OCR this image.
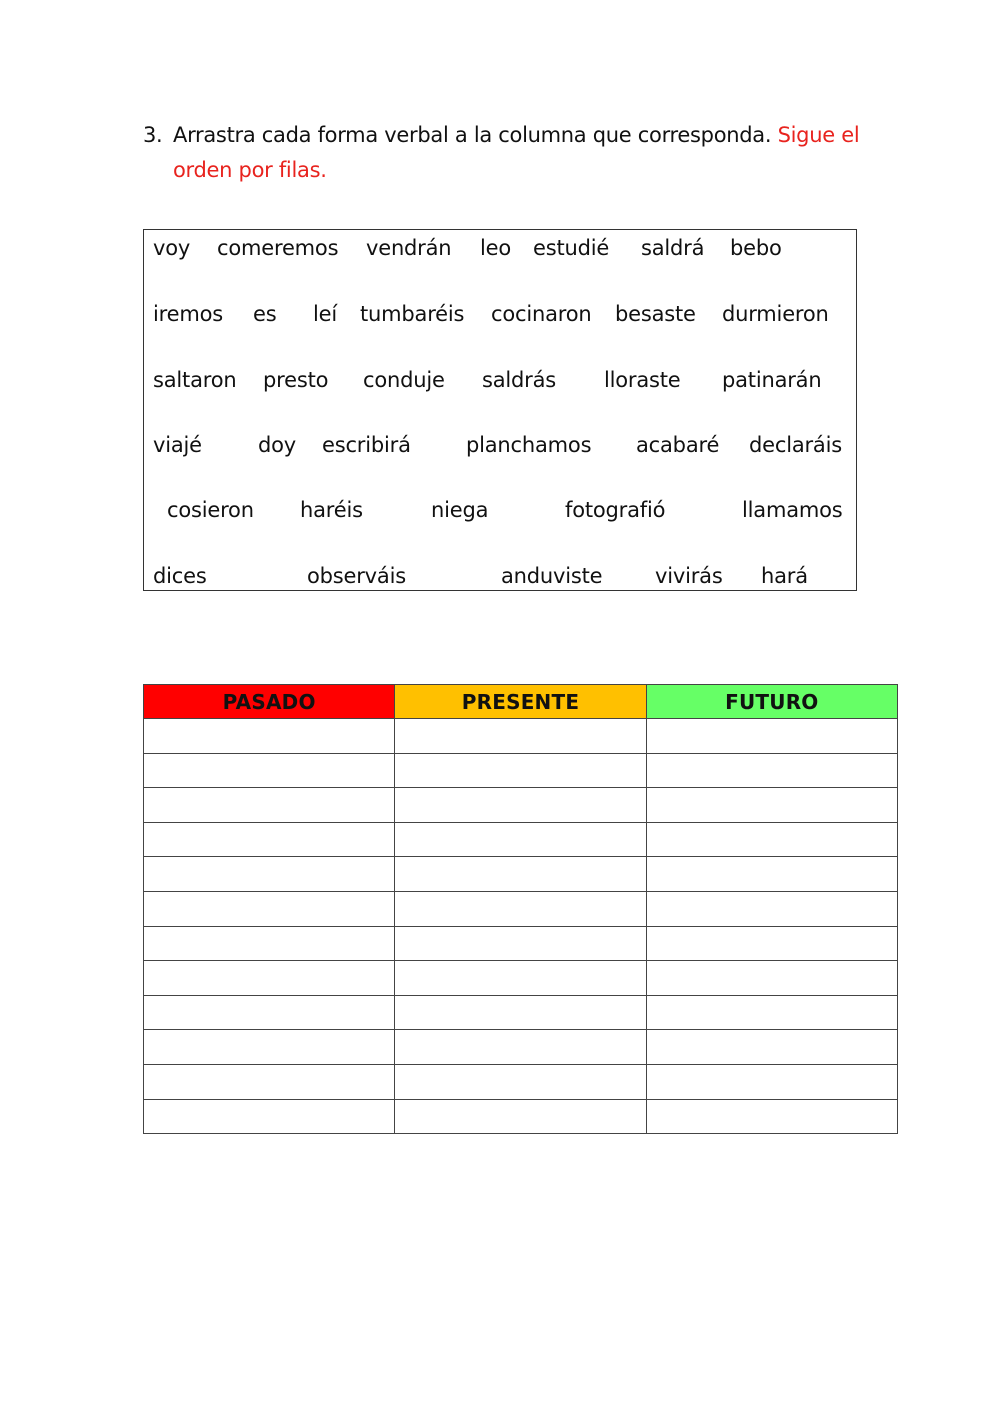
3. Arrastra cada forma verbal a la columna que corresponda. Sigue el orden por filas.
voy comeremos vendrán leo estudié saldrá bebo
iremos es leí tumbaréis cocinaron besaste durmieron
saltaron presto conduje saldrás lloraste patinarán
viajé	doy escribirá	planchamos acabaré declaráis
cosieron haréis	niega	fotografió	llamamos
dices	observáis	anduviste	vivirás hará
PASADO	PRESENTE	FUTURO
